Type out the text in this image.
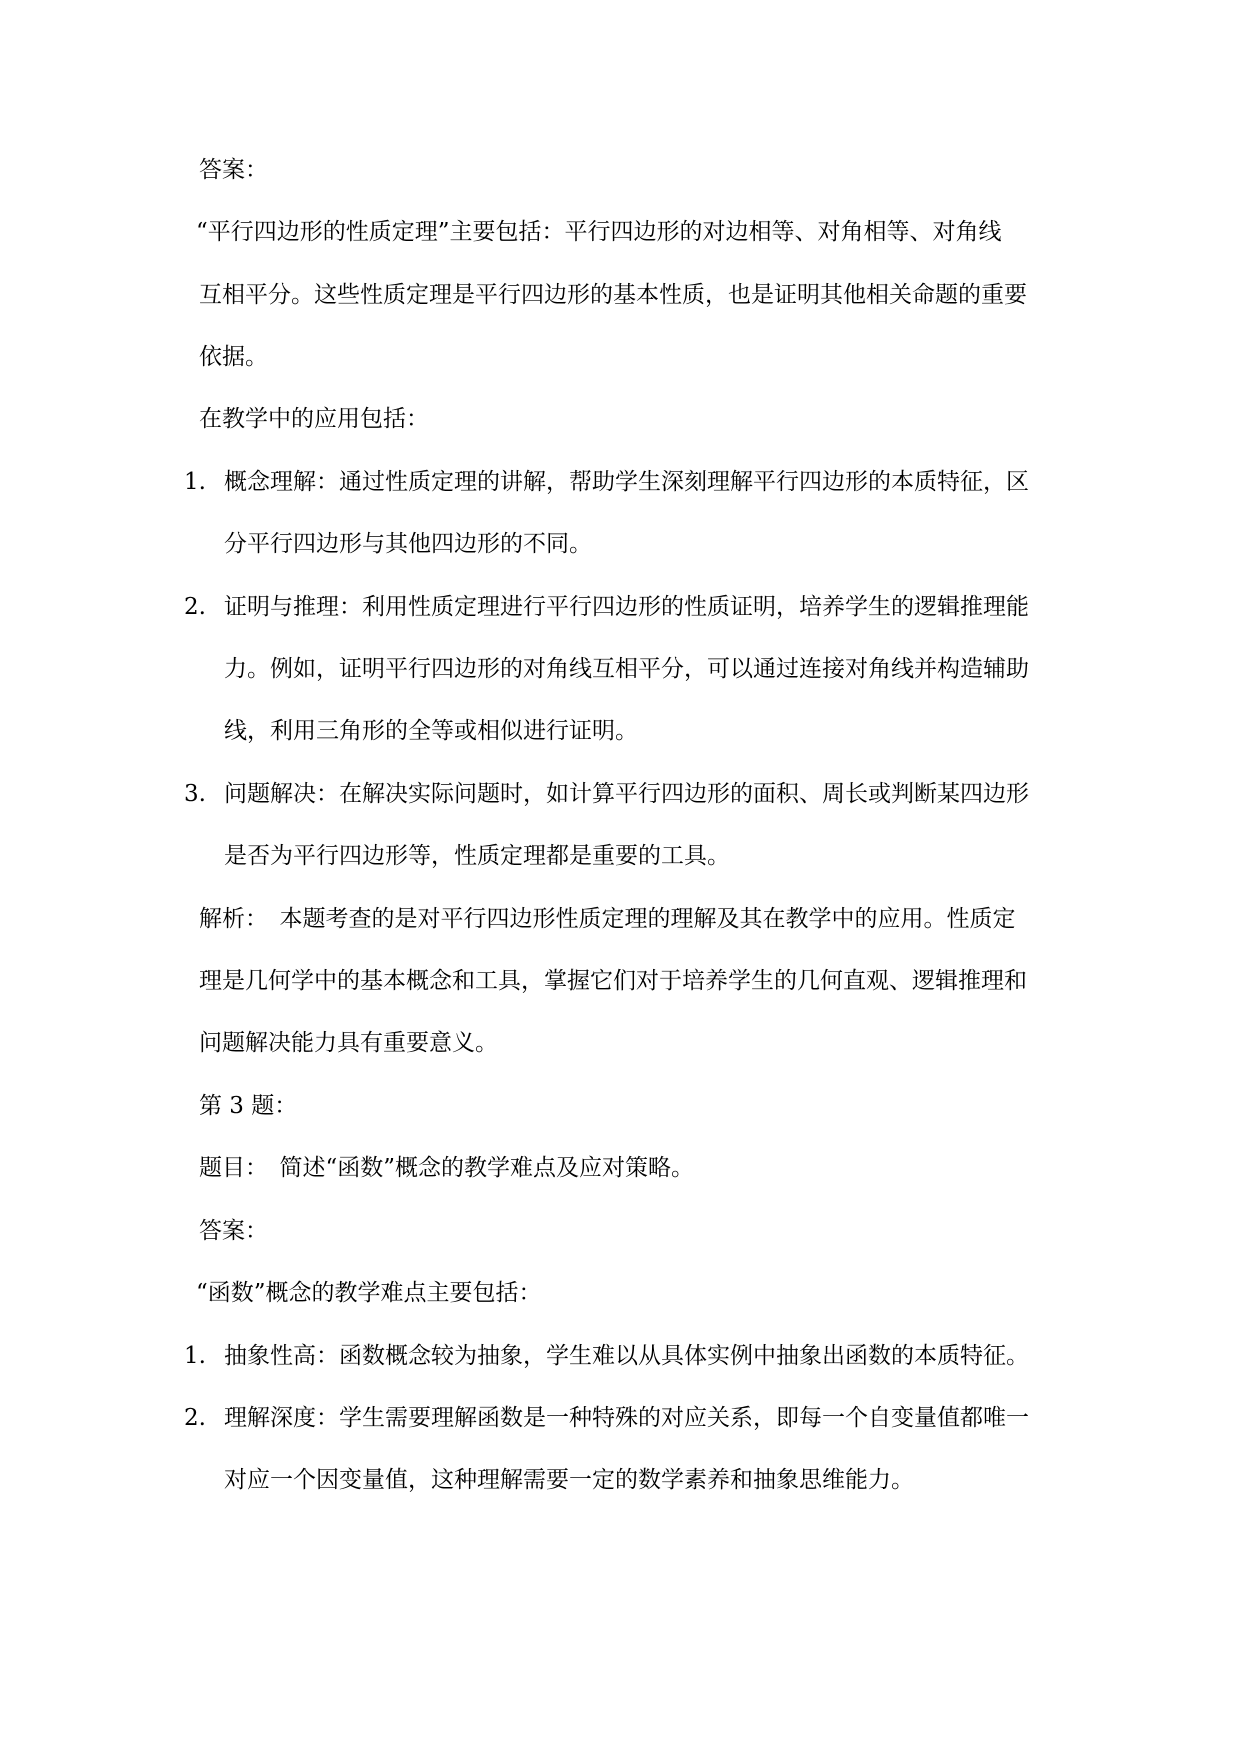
答案：
“平行四边形的性质定理”主要包括：平行四边形的对边相等、对角相等、对角线
互相平分。这些性质定理是平行四边形的基本性质，也是证明其他相关命题的重要
依据。
在教学中的应用包括：
1. 概念理解：通过性质定理的讲解，帮助学生深刻理解平行四边形的本质特征，区
分平行四边形与其他四边形的不同。
2. 证明与推理：利用性质定理进行平行四边形的性质证明，培养学生的逻辑推理能
力。例如，证明平行四边形的对角线互相平分，可以通过连接对角线并构造辅助
线，利用三角形的全等或相似进行证明。
3. 问题解决：在解决实际问题时，如计算平行四边形的面积、周长或判断某四边形
是否为平行四边形等，性质定理都是重要的工具。
解析：　本题考查的是对平行四边形性质定理的理解及其在教学中的应用。性质定
理是几何学中的基本概念和工具，掌握它们对于培养学生的几何直观、逻辑推理和
问题解决能力具有重要意义。
第 3 题：
题目：　简述“函数”概念的教学难点及应对策略。
答案：
“函数”概念的教学难点主要包括：
1. 抽象性高：函数概念较为抽象，学生难以从具体实例中抽象出函数的本质特征。
2. 理解深度：学生需要理解函数是一种特殊的对应关系，即每一个自变量值都唯一
对应一个因变量值，这种理解需要一定的数学素养和抽象思维能力。
